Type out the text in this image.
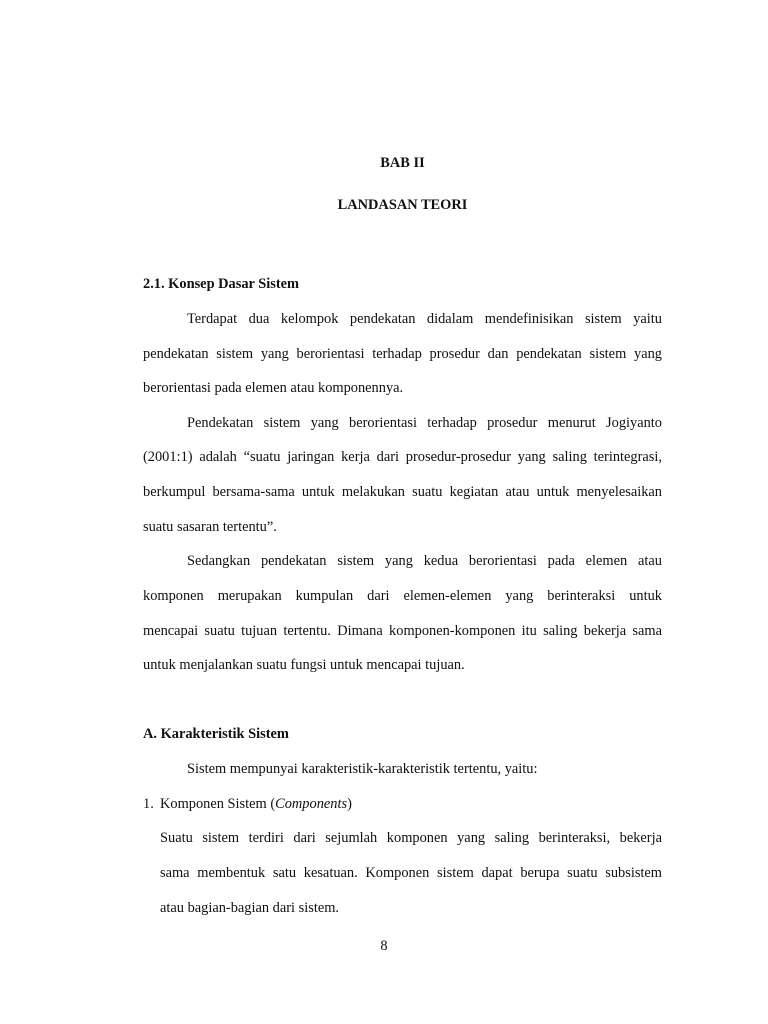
BAB II
LANDASAN TEORI
2.1. Konsep Dasar Sistem
Terdapat dua kelompok pendekatan didalam mendefinisikan sistem yaitu
pendekatan sistem yang berorientasi terhadap prosedur dan pendekatan sistem yang
berorientasi pada elemen atau komponennya.
Pendekatan sistem yang berorientasi terhadap prosedur menurut Jogiyanto
(2001:1) adalah “suatu jaringan kerja dari prosedur-prosedur yang saling terintegrasi,
berkumpul bersama-sama untuk melakukan suatu kegiatan atau untuk menyelesaikan
suatu sasaran tertentu”.
Sedangkan pendekatan sistem yang kedua berorientasi pada elemen atau
komponen merupakan kumpulan dari elemen-elemen yang berinteraksi untuk
mencapai suatu tujuan tertentu. Dimana komponen-komponen itu saling bekerja sama
untuk menjalankan suatu fungsi untuk mencapai tujuan.
A. Karakteristik Sistem
Sistem mempunyai karakteristik-karakteristik tertentu, yaitu:
1. Komponen Sistem (Components)
Suatu sistem terdiri dari sejumlah komponen yang saling berinteraksi, bekerja
sama membentuk satu kesatuan. Komponen sistem dapat berupa suatu subsistem
atau bagian-bagian dari sistem.
8
